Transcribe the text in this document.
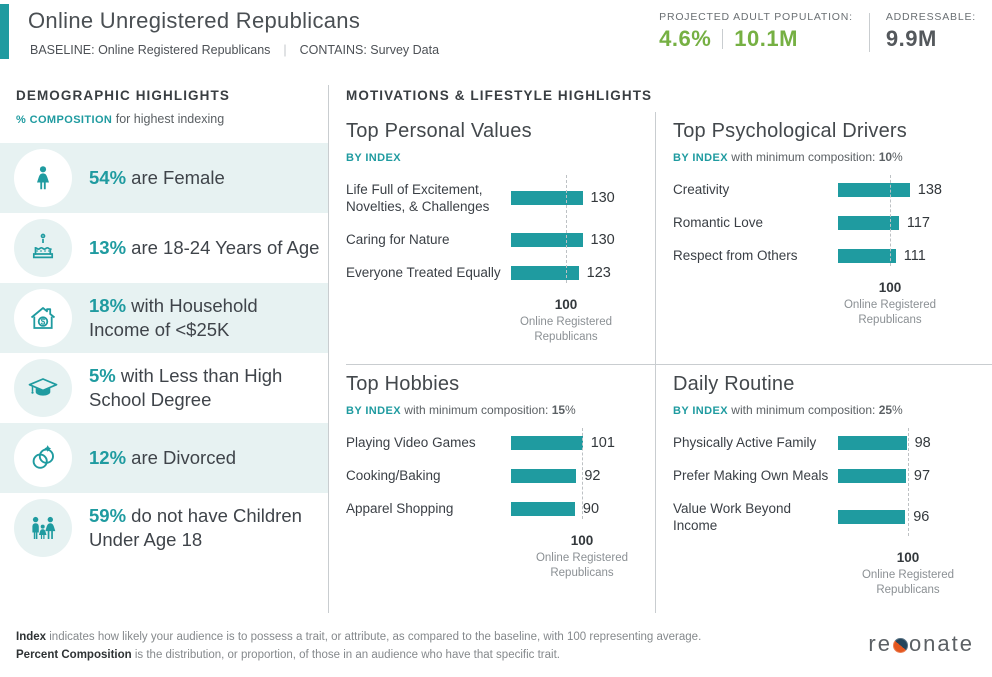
Online Unregistered Republicans
BASELINE: Online Registered Republicans | CONTAINS: Survey Data
PROJECTED ADULT POPULATION:
4.6% 10.1M
ADDRESSABLE:
9.9M
DEMOGRAPHIC HIGHLIGHTS
% COMPOSITION for highest indexing
54% are Female
13% are 18-24 Years of Age
$
18% with Household Income of <$25K
5% with Less than High School Degree
12% are Divorced
59% do not have Children Under Age 18
MOTIVATIONS & LIFESTYLE HIGHLIGHTS
Top Personal Values
BY INDEX
Life Full of Excitement, Novelties, & Challenges
130
Caring for Nature	130
Everyone Treated Equally	123
100
Online Registered Republicans
Top Psychological Drivers
BY INDEX with minimum composition: 10%
Creativity	138
Romantic Love	117
Respect from Others	111
100
Online Registered Republicans
Top Hobbies
BY INDEX with minimum composition: 15%
Playing Video Games	101
Cooking/Baking	92
Apparel Shopping	90
100
Online Registered Republicans
Daily Routine
BY INDEX with minimum composition: 25%
Physically Active Family	98
Prefer Making Own Meals	97
Value Work Beyond Income
96
100
Online Registered Republicans
Index indicates how likely your audience is to possess a trait, or attribute, as compared to the baseline, with 100 representing average.
Percent Composition is the distribution, or proportion, of those in an audience who have that specific trait.	re onate
